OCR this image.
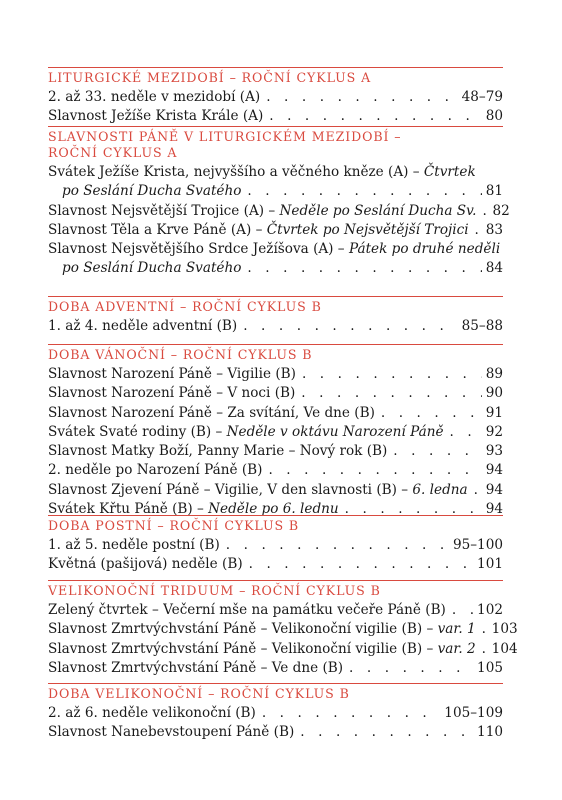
LITURGICKÉ MEZIDOBÍ – ROČNÍ CYKLUS A
2. až 33. neděle v mezidobí (A) . . .	48–79
Slavnost Ježíše Krista Krále (A) . . .	80
SLAVNOSTI PÁNĚ V LITURGICKÉM MEZIDOBÍ –
ROČNÍ CYKLUS A
Svátek Ježíše Krista, nejvyššího a věčného kněze (A) – Čtvrtek
po Seslání Ducha Svatého . . .	81
Slavnost Nejsvětější Trojice (A) – Neděle po Seslání Ducha Sv. . . . 82
Slavnost Těla a Krve Páně (A) – Čtvrtek po Nejsvětější Trojici . . . 83
Slavnost Nejsvětějšího Srdce Ježíšova (A) – Pátek po druhé neděli
po Seslání Ducha Svatého . . .	84
DOBA ADVENTNÍ – ROČNÍ CYKLUS B
1. až 4. neděle adventní (B) . . .	85–88
DOBA VÁNOČNÍ – ROČNÍ CYKLUS B
Slavnost Narození Páně – Vigilie (B) . . .	89
Slavnost Narození Páně – V noci (B) . . .	90
Slavnost Narození Páně – Za svítání, Ve dne (B) . . .	91
Svátek Svaté rodiny (B) – Neděle v oktávu Narození Páně . . .	92
Slavnost Matky Boží, Panny Marie – Nový rok (B) . . .	93
2. neděle po Narození Páně (B) . . .	94
Slavnost Zjevení Páně – Vigilie, V den slavnosti (B) – 6. ledna . . . 94
Svátek Křtu Páně (B) – Neděle po 6. lednu . . .	94
DOBA POSTNÍ – ROČNÍ CYKLUS B
1. až 5. neděle postní (B) . . .	95–100
Květná (pašijová) neděle (B) . . .	101
VELIKONOČNÍ TRIDUUM – ROČNÍ CYKLUS B
Zelený čtvrtek – Večerní mše na památku večeře Páně (B) . . . 102
Slavnost Zmrtvýchvstání Páně – Velikonoční vigilie (B) – var. 1 . . . 103
Slavnost Zmrtvýchvstání Páně – Velikonoční vigilie (B) – var. 2 . . . 104
Slavnost Zmrtvýchvstání Páně – Ve dne (B) . . .	105
DOBA VELIKONOČNÍ – ROČNÍ CYKLUS B
2. až 6. neděle velikonoční (B) . . .	105–109
Slavnost Nanebevstoupení Páně (B) . . .	110
